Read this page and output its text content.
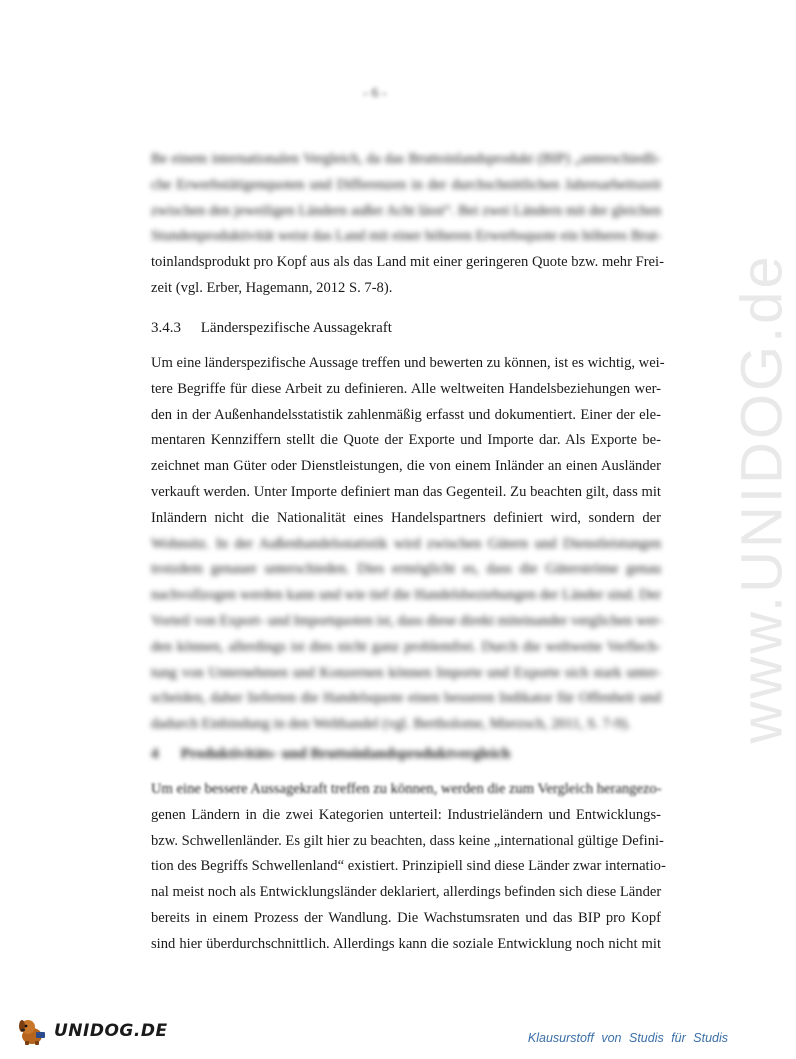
www.UNIDOG.de
- 6 -
Be einem internationalen Vergleich, da das Bruttoinlandsprodukt (BIP) „unterschiedli-
che Erwerbstätigenquoten und Differenzen in der durchschnittlichen Jahresarbeitszeit
zwischen den jeweiligen Ländern außer Acht lässt“. Bei zwei Ländern mit der gleichen
Stundenproduktivität weist das Land mit einer höheren Erwerbsquote ein höheres Brut-
toinlandsprodukt pro Kopf aus als das Land mit einer geringeren Quote bzw. mehr Frei-
zeit (vgl. Erber, Hagemann, 2012 S. 7-8).
3.4.3 Länderspezifische Aussagekraft
Um eine länderspezifische Aussage treffen und bewerten zu können, ist es wichtig, wei-
tere Begriffe für diese Arbeit zu definieren. Alle weltweiten Handelsbeziehungen wer-
den in der Außenhandelsstatistik zahlenmäßig erfasst und dokumentiert. Einer der ele-
mentaren Kennziffern stellt die Quote der Exporte und Importe dar. Als Exporte be-
zeichnet man Güter oder Dienstleistungen, die von einem Inländer an einen Ausländer
verkauft werden. Unter Importe definiert man das Gegenteil. Zu beachten gilt, dass mit
Inländern nicht die Nationalität eines Handelspartners definiert wird, sondern der
Wohnsitz. In der Außenhandelsstatistik wird zwischen Gütern und Dienstleistungen
trotzdem genauer unterschieden. Dies ermöglicht es, dass die Güterströme genau
nachvollzogen werden kann und wie tief die Handelsbeziehungen der Länder sind. Der
Vorteil von Export- und Importquoten ist, dass diese direkt miteinander verglichen wer-
den können, allerdings ist dies nicht ganz problemfrei. Durch die weltweite Verflech-
tung von Unternehmen und Konzernen können Importe und Exporte sich stark unter-
scheiden, daher lieferten die Handelsquote einen besseren Indikator für Offenheit und
dadurch Einbindung in den Welthandel (vgl. Bertholome, Mierzsch, 2011, S. 7-9).
4 Produktivitäts- und Bruttoinlandsproduktvergleich
Um eine bessere Aussagekraft treffen zu können, werden die zum Vergleich herangezo-
genen Ländern in die zwei Kategorien unterteil: Industrieländern und Entwicklungs-
bzw. Schwellenländer. Es gilt hier zu beachten, dass keine „international gültige Defini-
tion des Begriffs Schwellenland“ existiert. Prinzipiell sind diese Länder zwar internatio-
nal meist noch als Entwicklungsländer deklariert, allerdings befinden sich diese Länder
bereits in einem Prozess der Wandlung. Die Wachstumsraten und das BIP pro Kopf
sind hier überdurchschnittlich. Allerdings kann die soziale Entwicklung noch nicht mit
UNIDOG.DE	Klausurstoff von Studis für Studis
